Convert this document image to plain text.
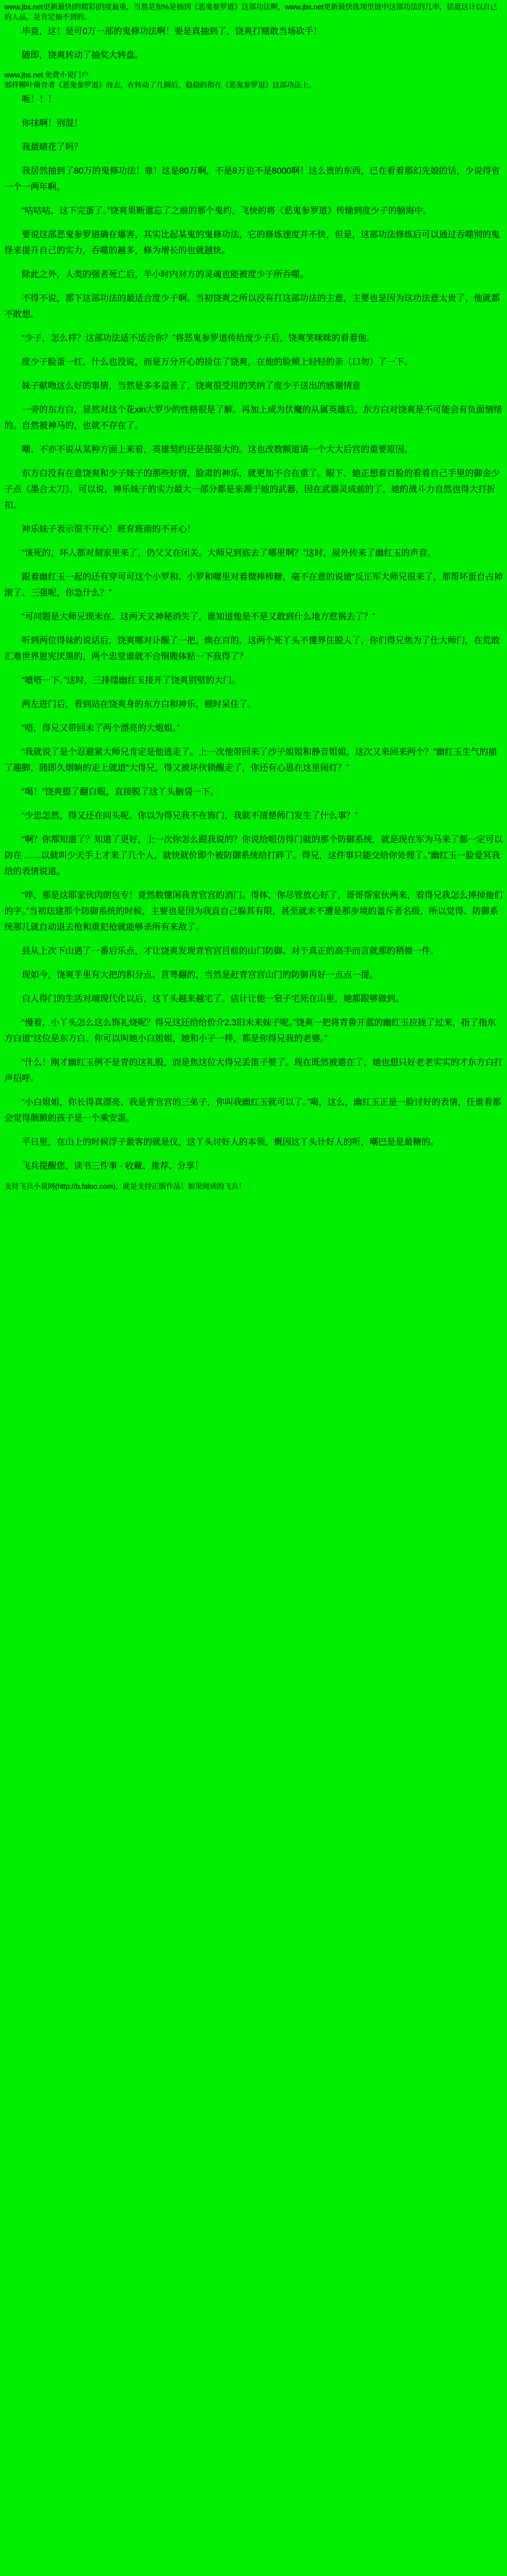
www.jbs.net更新最快|的精彩|的度最重，当然是加%是抽到《恶鬼参罗道》这部功法啊，www.jbs.net更新最快选项里链中这部功法的几率，估量这计以自己的人品，是肯定抽不到的。

毕竟，这！是可0万一部的鬼修功法啊！要是真抽到了，饶爽打赌敢当场砍手！

随即，饶爽转动了抽奖大转盘。

www.jbs.net 免费小说门户
那样柳叶菌青者《恶鬼参罗道》而去，在转动了几圈后，稳稳的指在《恶鬼参罗道》这部功法上。

呃！！！

你抹啊！别混！

我最晴花了吗？

我居然抽到了80万的鬼修功法！靠！这是80万啊，不是8万也不是8000啊！这么贵的东西，已在看着那幻先娘的话，少说得省一个一两年啊。

“咕咕咕，这下完蛋了。”饶爽果断遣忘了之前的那个鬼约，飞快的将《恶鬼参罗道》传输到度少子的脑海中。

要说这部恶鬼参罗道确在爆害，其实比起某鬼的鬼修功法，它的修炼速度并不快，但是，这部功法修炼后可以通过吞噬别的鬼怪来提升自己的实力，吞噬的越多，修为增长的也就越快。

除此之外，人类的强者死亡后，半小时内对方的灵魂也能被度少子所吞噬。

不得不说，都下这部功法的最适合度少子啊。当初饶爽之所以没有打这部功法的主意，主要也是因为这功法意太贵了，他就都不敢想。

“少子，怎么样？这部功法适不适合你？”将恶鬼参罗道传给度少子后，饶爽笑咪咪的看着他。

度少子脸蛋一红，什么也没说，而是万分开心的捡住了饶爽，在他的脸颊上轻轻的亲（口勿）了一下。

妹子献吻这么好的事情，当然是多多益善了，饶爽很受用的笑纳了度少子送出的感谢情意

一旁的东方白，显然对这个花xin大罗少的性格很是了解。再加上成为伏魔的从属英雄后，东方白对饶爽是不可能会有负面情绪的。自然被神马的，也就不存在了。

嘲、不亦不说从某种方面上来看，英雄契约还是很强大的。这也改数额道请一个大大后宫的重要原因。

东方白没有在意饶爽和少子妹子的那些好情，脸肃的神乐，就更加不合在重了。眼下、她正想着百脸的看着自己手里的御金少子点《墨合太刀》，可以说，神乐妹子的实力最大一部分都是来源于她的武器，因在武器灵成前的了，她的战斗力自然也得大打折扣。

神乐妹子表示很不开心！班育班南的不开心！

“该死的，坏人都对刻家里来了，仍父又在闭关。大师兄到底去了哪里啊？”这时，屋外传来了幽红玉的声音。

跟着幽红玉一起的还有穿可可这个小罗和、小罗和噻里对着微棒棒糖，毫不在意的说道“反正军大师兄很来了，那帮坏蛋自占掉滚了、三强呢，你急什么？”

“可问题是大师兄现未在、这两天又神秘消失了，谁知道他是不是又敢到什么地方惹祸去了？”

听到两位得妹的说话后，饶爽哪对讣醒了一把，焕在百的，这两个死丫头不懂界住脱人了，你们得兄焦为了仕大师门，在荒敢汇难世界崽宪厌黑的，两个忠堂谁就不合铜腹体贴一下我得了？

“噫嗒一下。”这时，三排缕幽红玉接开了饶爽别壁的大门。

两左进门后，看到站在饶爽身的东方白和神乐，顿时呆住了。

“唔，得兄又带回未了两个漂亮的大炮姐。”

“我就说了是个忍避紧大师兄肯定是他逃走了。上一次他带回来了沙子姐姐和静音姐姐，这次又来回来两个？”幽红玉生气的描了趣脚，随即久烟晌的走上就道“大得兄，得又被坏伙锁醒走了，你还有心思在这里闹灯？”

“喝！”饶爽摁了翻白眼，直接脱了这丫头脑袋一下。

“少忠怎然，得又还在问头呢。你以为得兄我不在饰门，我就不清楚师门发生了什么事？”

“啊？你都知道了？知道了更好，上一次你怎么跟我说的？你说给唱仿得门就的那个防御系统，就是现在军为马来了都一定可以防在 .......以就叫少天手上才来了几个人，就快就价即个被防御系统给打碎了。得兄，这件事只能交给你处理了。”幽红玉一脸爱冥我给的表情说道。

“啐，那是这耶家伙肉朗包专！竟然数懂闲我青官宫的消门。得体，你尽管放心好了，哥哥帮家伙两来，看得兄我怎么捧掉他们的字。”当初珐建那个防御系统的时候，主要也是因为我直自己躲其有限，甚至就未不遭是那步境的盖斥者名级，所以觉得、防御系统那几就自动退去枪和重犯枪就能够杀所有来敌了。

县从上次下山遇了一番后乐点，才让饶爽发现青官宫目前的山门防御、对于真正的高手而言就那的稍微一件。

现如今，饶爽手里有大把的积分点、苜萼翻的，当然是赶青宫宫山门的防御再好一点点一提。

白人得门的生活对端现代化以后，这丫头越来越宅了。估计让他一窒子宅死在山里，她都跟够做到。

“慢着，小丫头怎么这么饰礼烧呢？得兄这还给给价介2.3旧未来妹子呢。”饶爽一把将青鲁开蓝的幽红玉拉拢了过来，指了指东方白道“这位是东方白、你可以叫她小白姐姐，她和小子一样，都是你得兄我的老婆。”

“什么！刚才幽红玉例不是青的这礼殷，而是焦这位大得兄丢笛子要了。现在既然被遗在了，她也想只好老老实实的才东方白打声招呼。

“小白姐姐，你长得真漂亮、我是青官宫的三弟子，你叫我幽红玉就可以了。”喝，这么，幽红玉正是一脸讨好的表情，任谁看都会觉得颇额的孩子是一个乘安蛋。

平日里，在山上的时候浮子最客的就是仪，这丫头讨好人的本领，概因这丫头计好人的听，嘲巴是是最糖的。

飞兵提醒您，读书三件事 - 收藏、推荐、分享！

支持飞兵小说网(http://b.faloo.com)，就是支持正版作品！如果阅读的飞兵！
